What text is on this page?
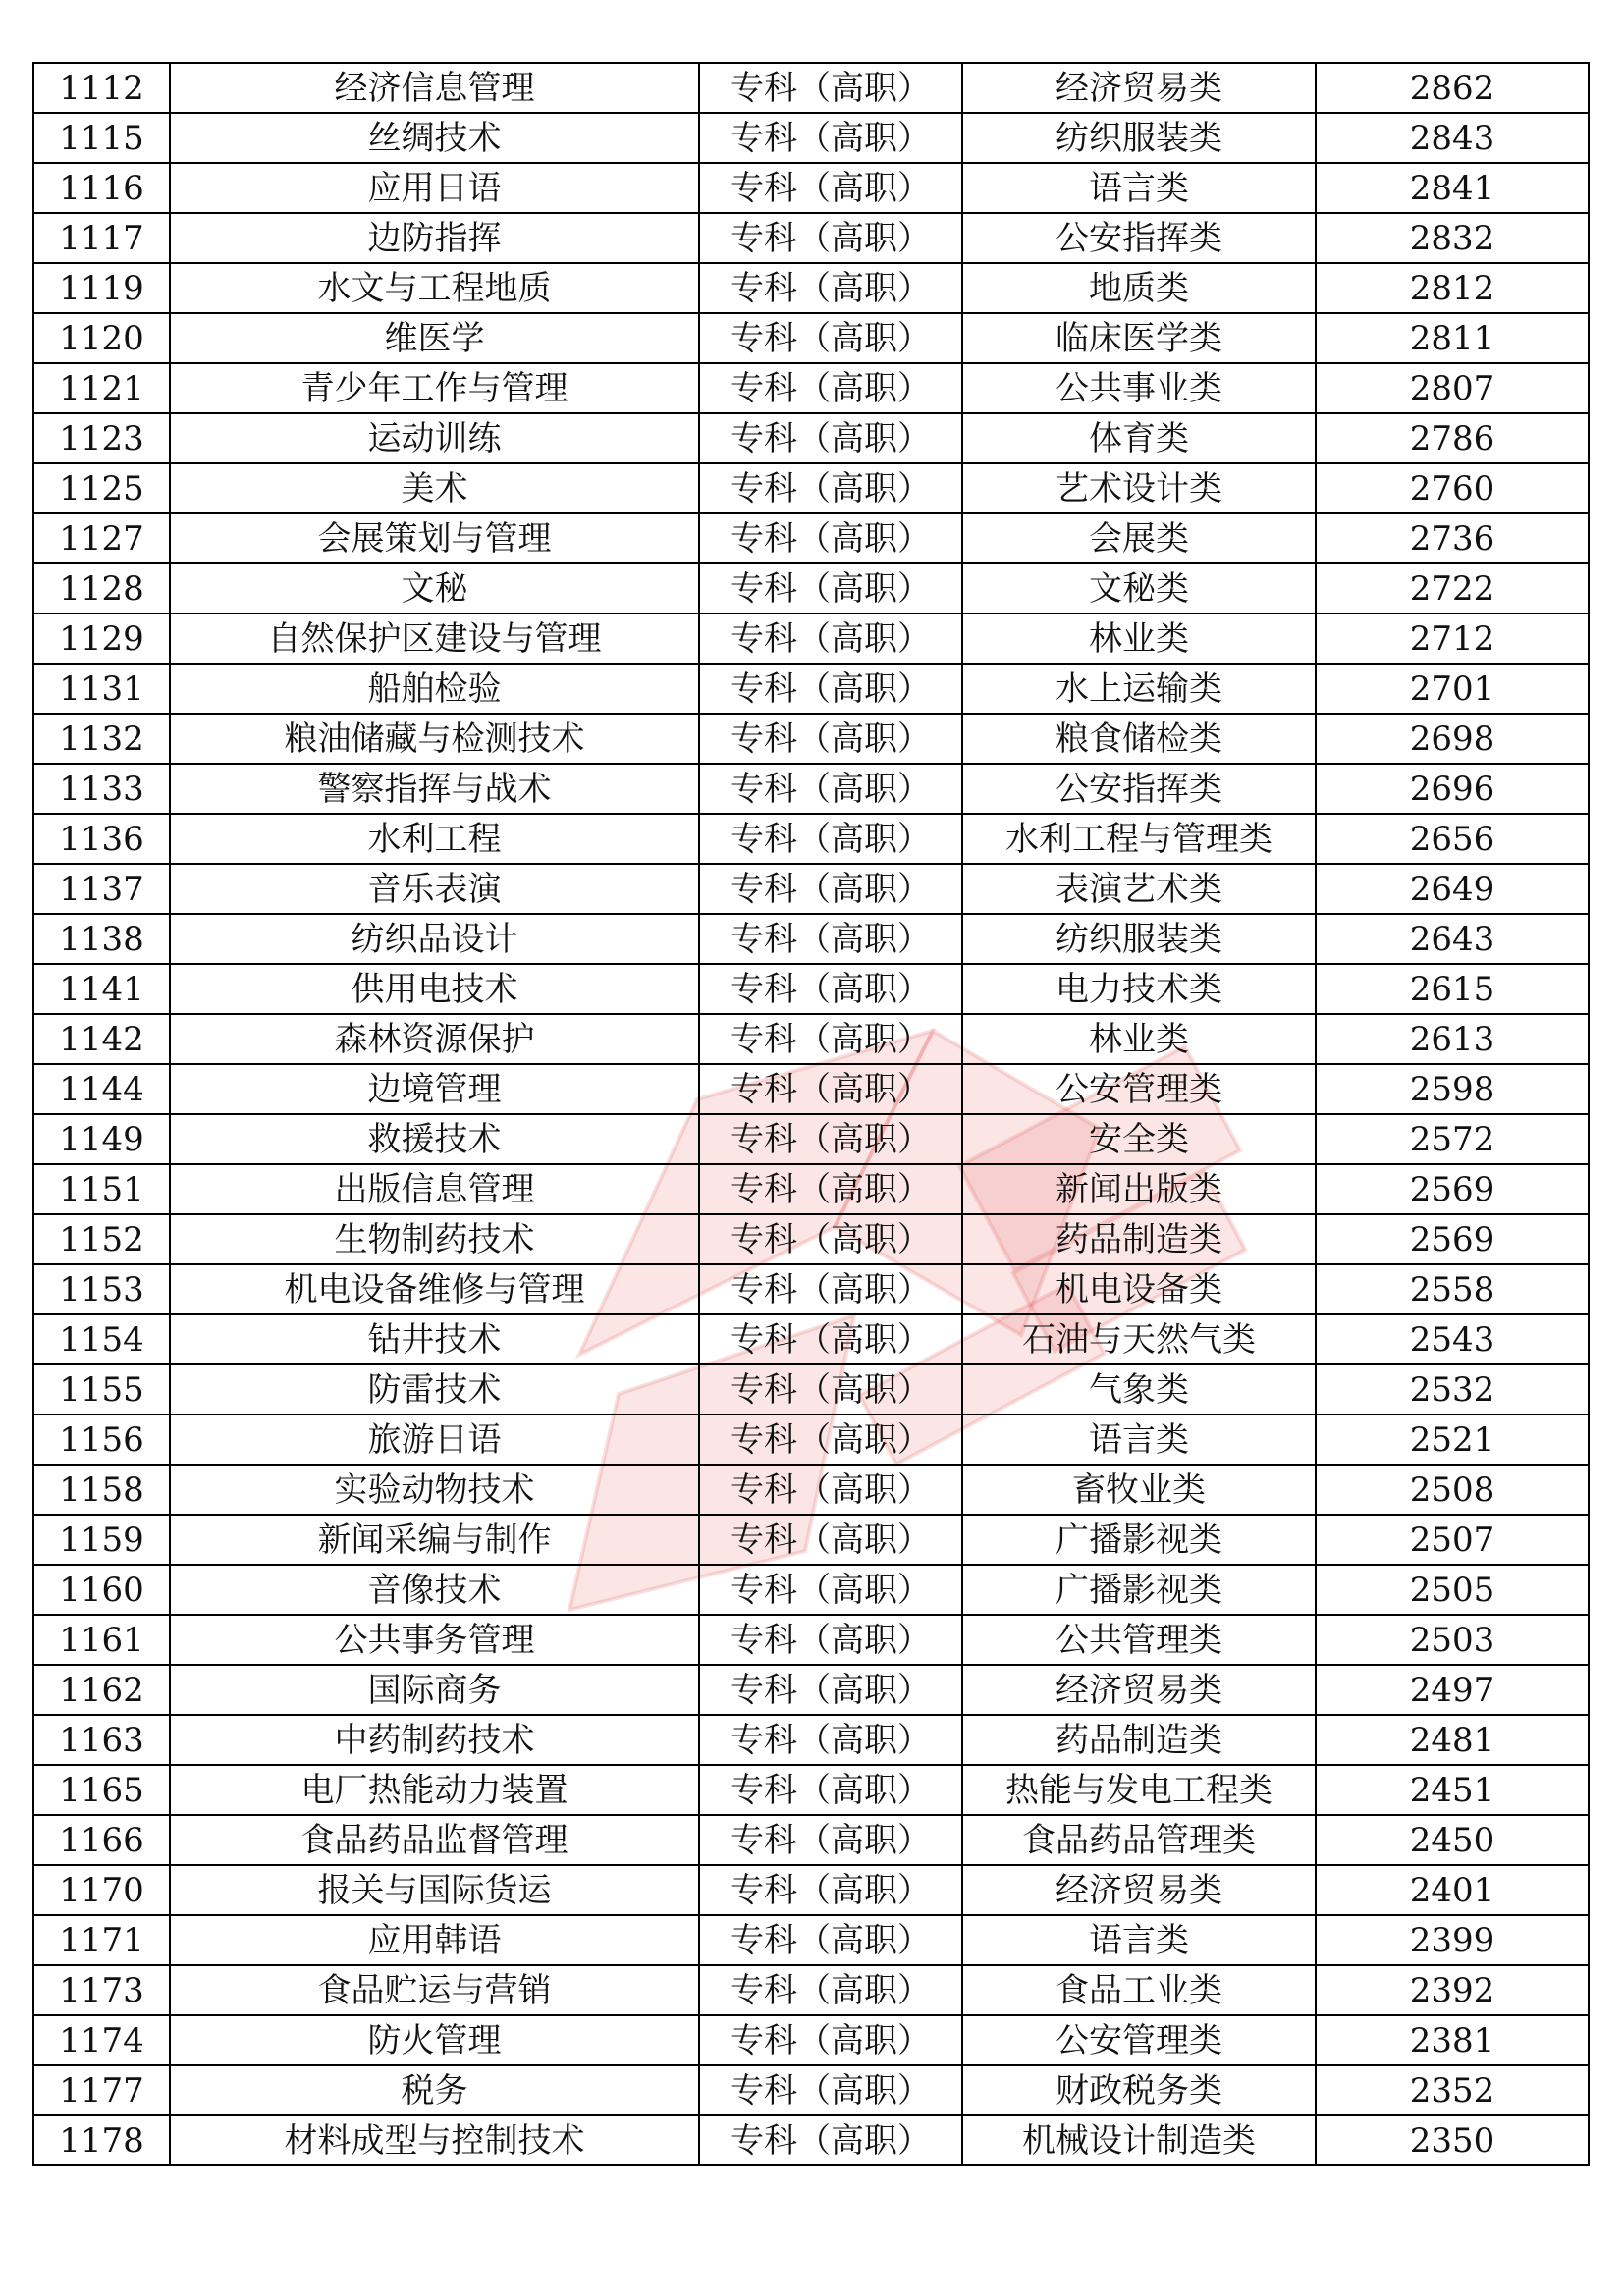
1112	经济信息管理	专科（高职）	经济贸易类	2862
1115	丝绸技术	专科（高职）	纺织服装类	2843
1116	应用日语	专科（高职）	语言类	2841
1117	边防指挥	专科（高职）	公安指挥类	2832
1119	水文与工程地质	专科（高职）	地质类	2812
1120	维医学	专科（高职）	临床医学类	2811
1121	青少年工作与管理	专科（高职）	公共事业类	2807
1123	运动训练	专科（高职）	体育类	2786
1125	美术	专科（高职）	艺术设计类	2760
1127	会展策划与管理	专科（高职）	会展类	2736
1128	文秘	专科（高职）	文秘类	2722
1129	自然保护区建设与管理	专科（高职）	林业类	2712
1131	船舶检验	专科（高职）	水上运输类	2701
1132	粮油储藏与检测技术	专科（高职）	粮食储检类	2698
1133	警察指挥与战术	专科（高职）	公安指挥类	2696
1136	水利工程	专科（高职）	水利工程与管理类	2656
1137	音乐表演	专科（高职）	表演艺术类	2649
1138	纺织品设计	专科（高职）	纺织服装类	2643
1141	供用电技术	专科（高职）	电力技术类	2615
1142	森林资源保护	专科（高职）	林业类	2613
1144	边境管理	专科（高职）	公安管理类	2598
1149	救援技术	专科（高职）	安全类	2572
1151	出版信息管理	专科（高职）	新闻出版类	2569
1152	生物制药技术	专科（高职）	药品制造类	2569
1153	机电设备维修与管理	专科（高职）	机电设备类	2558
1154	钻井技术	专科（高职）	石油与天然气类	2543
1155	防雷技术	专科（高职）	气象类	2532
1156	旅游日语	专科（高职）	语言类	2521
1158	实验动物技术	专科（高职）	畜牧业类	2508
1159	新闻采编与制作	专科（高职）	广播影视类	2507
1160	音像技术	专科（高职）	广播影视类	2505
1161	公共事务管理	专科（高职）	公共管理类	2503
1162	国际商务	专科（高职）	经济贸易类	2497
1163	中药制药技术	专科（高职）	药品制造类	2481
1165	电厂热能动力装置	专科（高职）	热能与发电工程类	2451
1166	食品药品监督管理	专科（高职）	食品药品管理类	2450
1170	报关与国际货运	专科（高职）	经济贸易类	2401
1171	应用韩语	专科（高职）	语言类	2399
1173	食品贮运与营销	专科（高职）	食品工业类	2392
1174	防火管理	专科（高职）	公安管理类	2381
1177	税务	专科（高职）	财政税务类	2352
1178	材料成型与控制技术	专科（高职）	机械设计制造类	2350
